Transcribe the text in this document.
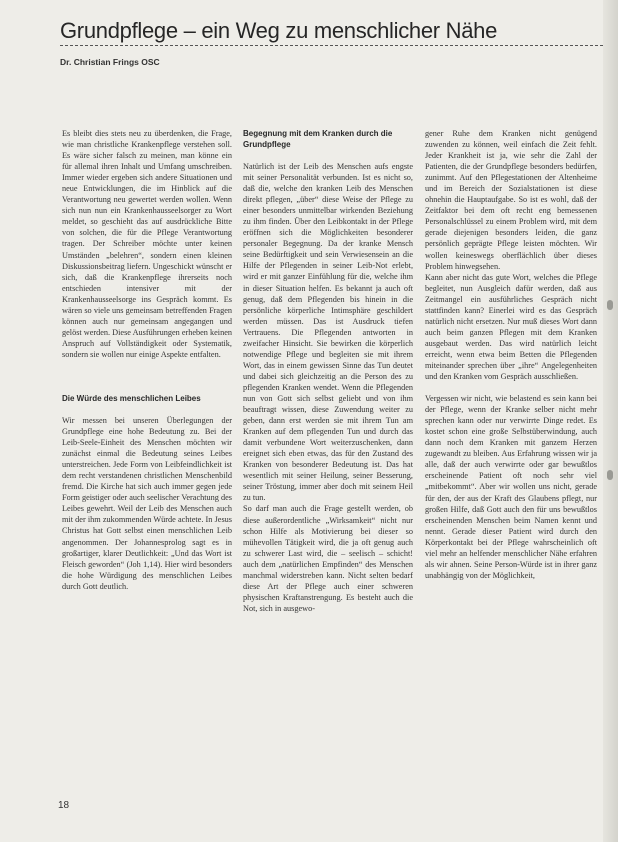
Grundpflege – ein Weg zu menschlicher Nähe
Dr. Christian Frings OSC

Es bleibt dies stets neu zu überdenken, die Frage, wie man christliche Krankenpflege verstehen soll. Es wäre sicher falsch zu meinen, man könne ein für allemal ihren Inhalt und Umfang umschreiben. Immer wieder ergeben sich andere Situationen und neue Entwicklungen, die im Hinblick auf die Verantwortung neu gewertet werden wollen. Wenn sich nun nun ein Krankenhausseelsorger zu Wort meldet, so geschieht das auf ausdrückliche Bitte von solchen, die für die Pflege Verantwortung tragen. Der Schreiber möchte unter keinen Umständen „belehren“, sondern einen kleinen Diskussionsbeitrag liefern. Ungeschickt wünscht er sich, daß die Krankenpflege ihrerseits noch entschieden intensiver mit der Krankenhausseelsorge ins Gespräch kommt. Es wären so viele uns gemeinsam betreffenden Fragen können auch nur gemeinsam angegangen und gelöst werden. Diese Ausführungen erheben keinen Anspruch auf Vollständigkeit oder Systematik, sondern sie wollen nur einige Aspekte entfalten.

Die Würde des menschlichen Leibes

Wir messen bei unseren Überlegungen der Grundpflege eine hohe Bedeutung zu. Bei der Leib-Seele-Einheit des Menschen möchten wir zunächst einmal die Bedeutung seines Leibes unterstreichen. Jede Form von Leibfeindlichkeit ist dem recht verstandenen christlichen Menschenbild fremd. Die Kirche hat sich auch immer gegen jede Form geistiger oder auch seelischer Verachtung des Leibes gewehrt. Weil der Leib des Menschen auch mit der ihm zukommenden Würde achtete. In Jesus Christus hat Gott selbst einen menschlichen Leib angenommen. Der Johannesprolog sagt es in großartiger, klarer Deutlichkeit: „Und das Wort ist Fleisch geworden“ (Joh 1,14). Hier wird besonders die hohe Würdigung des menschlichen Leibes durch Gott deutlich.

Begegnung mit dem Kranken durch die Grundpflege

Natürlich ist der Leib des Menschen aufs engste mit seiner Personalität verbunden. Ist es nicht so, daß die, welche den kranken Leib des Menschen direkt pflegen, „über“ diese Weise der Pflege zu einer besonders unmittelbar wirkenden Beziehung zu ihm finden. Über den Leibkontakt in der Pflege eröffnen sich die Möglichkeiten besonderer personaler Begegnung. Da der kranke Mensch seine Bedürftigkeit und sein Verwiesensein an die Hilfe der Pflegenden in seiner Leib-Not erlebt, wird er mit ganzer Einfühlung für die, welche ihm in dieser Situation helfen. Es bekannt ja auch oft genug, daß dem Pflegenden bis hinein in die persönliche körperliche Intimsphäre geschildert werden müssen. Das ist Ausdruck tiefen Vertrauens. Die Pflegenden antworten in zweifacher Hinsicht. Sie bewirken die körperlich notwendige Pflege und begleiten sie mit ihrem Wort, das in einem gewissen Sinne das Tun deutet und dabei sich gleichzeitig an die Person des zu pflegenden Kranken wendet. Wenn die Pflegenden nun von Gott sich selbst geliebt und von ihm beauftragt wissen, diese Zuwendung weiter zu geben, dann erst werden sie mit ihrem Tun am Kranken auf dem pflegenden Tun und durch das damit verbundene Wort weiterzuschenken, dann ereignet sich eben etwas, das für den Zustand des Kranken von besonderer Bedeutung ist. Das hat wesentlich mit seiner Heilung, seiner Besserung, seiner Tröstung, immer aber doch mit seinem Heil zu tun.

So darf man auch die Frage gestellt werden, ob diese außerordentliche „Wirksamkeit“ nicht nur schon Hilfe als Motivierung bei dieser so mühevollen Tätigkeit wird, die ja oft genug auch zu schwerer Last wird, die – seelisch – schicht! auch dem „natürlichen Empfinden“ des Menschen manchmal widerstreben kann. Nicht selten bedarf diese Art der Pflege auch einer schweren physischen Kraftanstrengung. Es besteht auch die Not, sich in ausgewo-

gener Ruhe dem Kranken nicht genügend zuwenden zu können, weil einfach die Zeit fehlt. Jeder Krankheit ist ja, wie sehr die Zahl der Patienten, die der Grundpflege besonders bedürfen, zunimmt. Auf den Pflegestationen der Altenheime und im Bereich der Sozialstationen ist diese ohnehin die Hauptaufgabe. So ist es wohl, daß der Zeitfaktor bei dem oft recht eng bemessenen Personalschlüssel zu einem Problem wird, mit dem gerade diejenigen besonders leiden, die ganz persönlich geprägte Pflege leisten möchten. Wir wollen keineswegs oberflächlich über dieses Problem hinwegsehen.

Kann aber nicht das gute Wort, welches die Pflege begleitet, nun Ausgleich dafür werden, daß aus Zeitmangel ein ausführliches Gespräch nicht stattfinden kann? Einerlei wird es das Gespräch natürlich nicht ersetzen. Nur muß dieses Wort dann auch beim ganzen Pflegen mit dem Kranken ausgebaut werden. Das wird natürlich leicht erreicht, wenn etwa beim Betten die Pflegenden miteinander sprechen über „ihre“ Angelegenheiten und den Kranken vom Gespräch ausschließen.

Vergessen wir nicht, wie belastend es sein kann bei der Pflege, wenn der Kranke selber nicht mehr sprechen kann oder nur verwirrte Dinge redet. Es kostet schon eine große Selbstüberwindung, auch dann noch dem Kranken mit ganzem Herzen zugewandt zu bleiben. Aus Erfahrung wissen wir ja alle, daß der auch verwirrte oder gar bewußtlos erscheinende Patient oft noch sehr viel „mitbekommt“. Aber wir wollen uns nicht, gerade für den, der aus der Kraft des Glaubens pflegt, nur großen Hilfe, daß Gott auch den für uns bewußtlos erscheinenden Menschen beim Namen kennt und nennt. Gerade dieser Patient wird durch den Körperkontakt bei der Pflege wahrscheinlich oft viel mehr an helfender menschlicher Nähe erfahren als wir ahnen. Seine Person-Würde ist in ihrer ganz unabhängig von der Möglichkeit,

18
